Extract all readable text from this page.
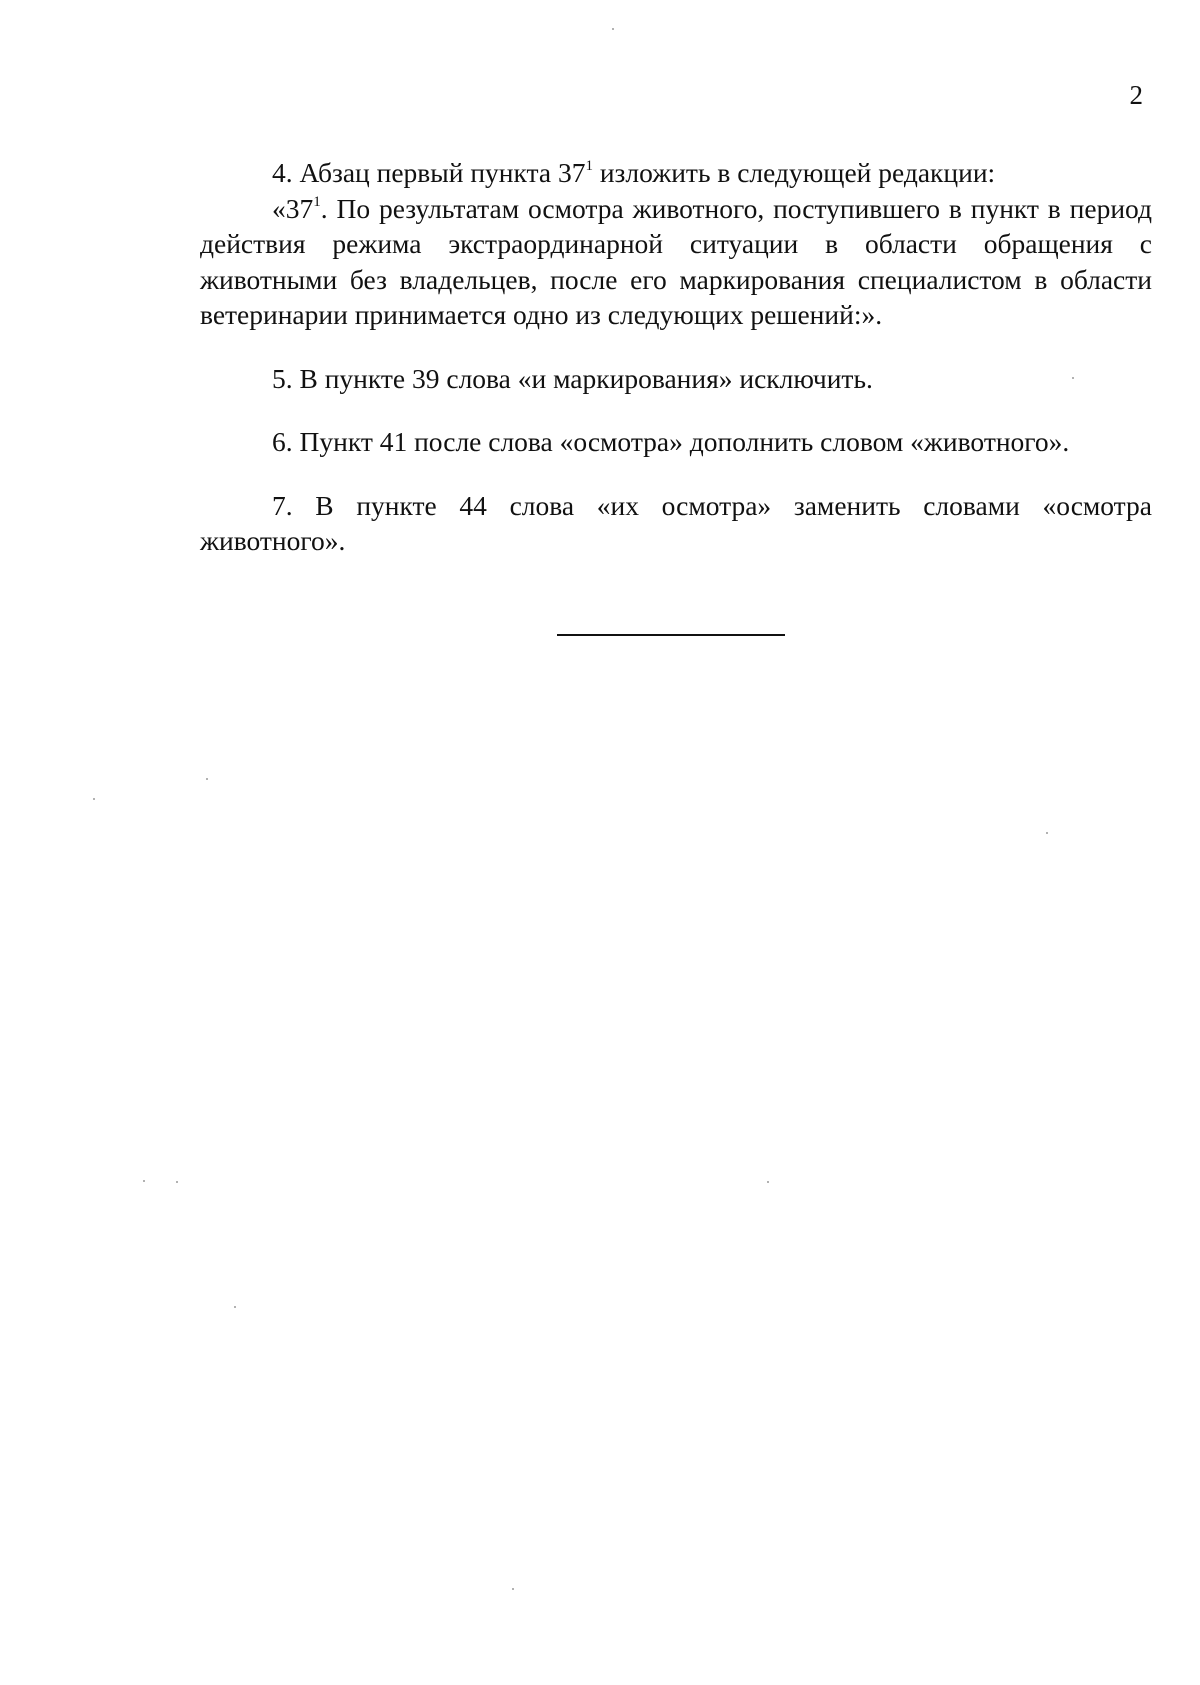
2

4. Абзац первый пункта $37^1$ изложить в следующей редакции:

«$37^1$. По результатам осмотра животного, поступившего в пункт в период действия режима экстраординарной ситуации в области обращения с животными без владельцев, после его маркирования специалистом в области ветеринарии принимается одно из следующих решений:».

5. В пункте 39 слова «и маркирования» исключить.

6. Пункт 41 после слова «осмотра» дополнить словом «животного».

7. В пункте 44 слова «их осмотра» заменить словами «осмотра животного».
